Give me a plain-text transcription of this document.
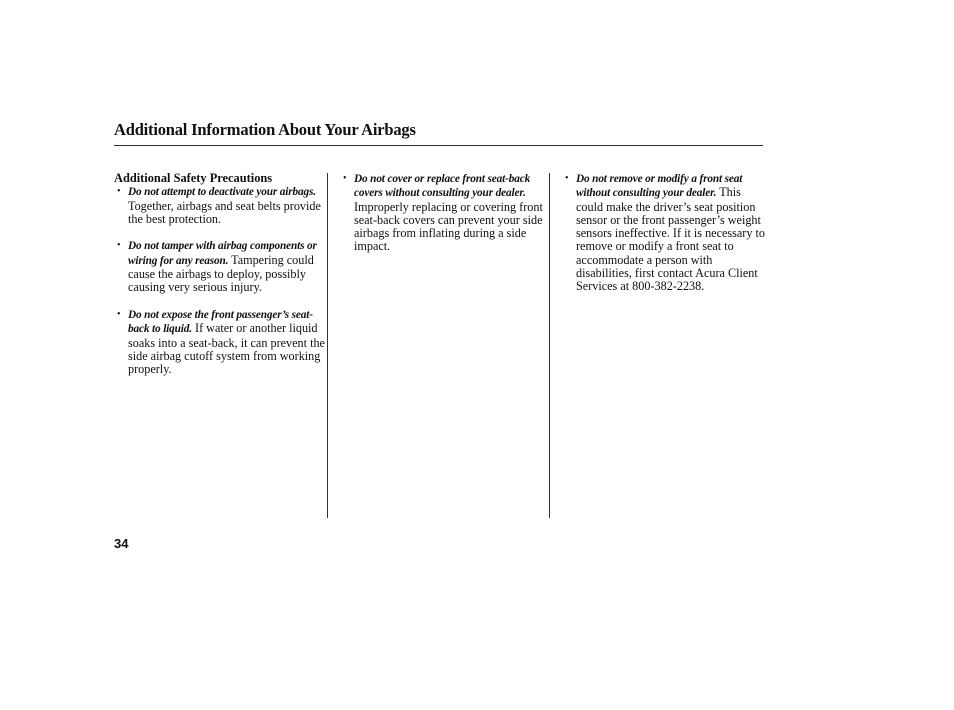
Additional Information About Your Airbags
Additional Safety Precautions

• Do not attempt to deactivate your airbags. Together, airbags and seat belts provide the best protection.

• Do not tamper with airbag components or wiring for any reason. Tampering could cause the airbags to deploy, possibly causing very serious injury.

• Do not expose the front passenger’s seat-back to liquid. If water or another liquid soaks into a seat-back, it can prevent the side airbag cutoff system from working properly.

• Do not cover or replace front seat-back covers without consulting your dealer. Improperly replacing or covering front seat-back covers can prevent your side airbags from inflating during a side impact.

• Do not remove or modify a front seat without consulting your dealer. This could make the driver’s seat position sensor or the front passenger’s weight sensors ineffective. If it is necessary to remove or modify a front seat to accommodate a person with disabilities, first contact Acura Client Services at 800-382-2238.

34
